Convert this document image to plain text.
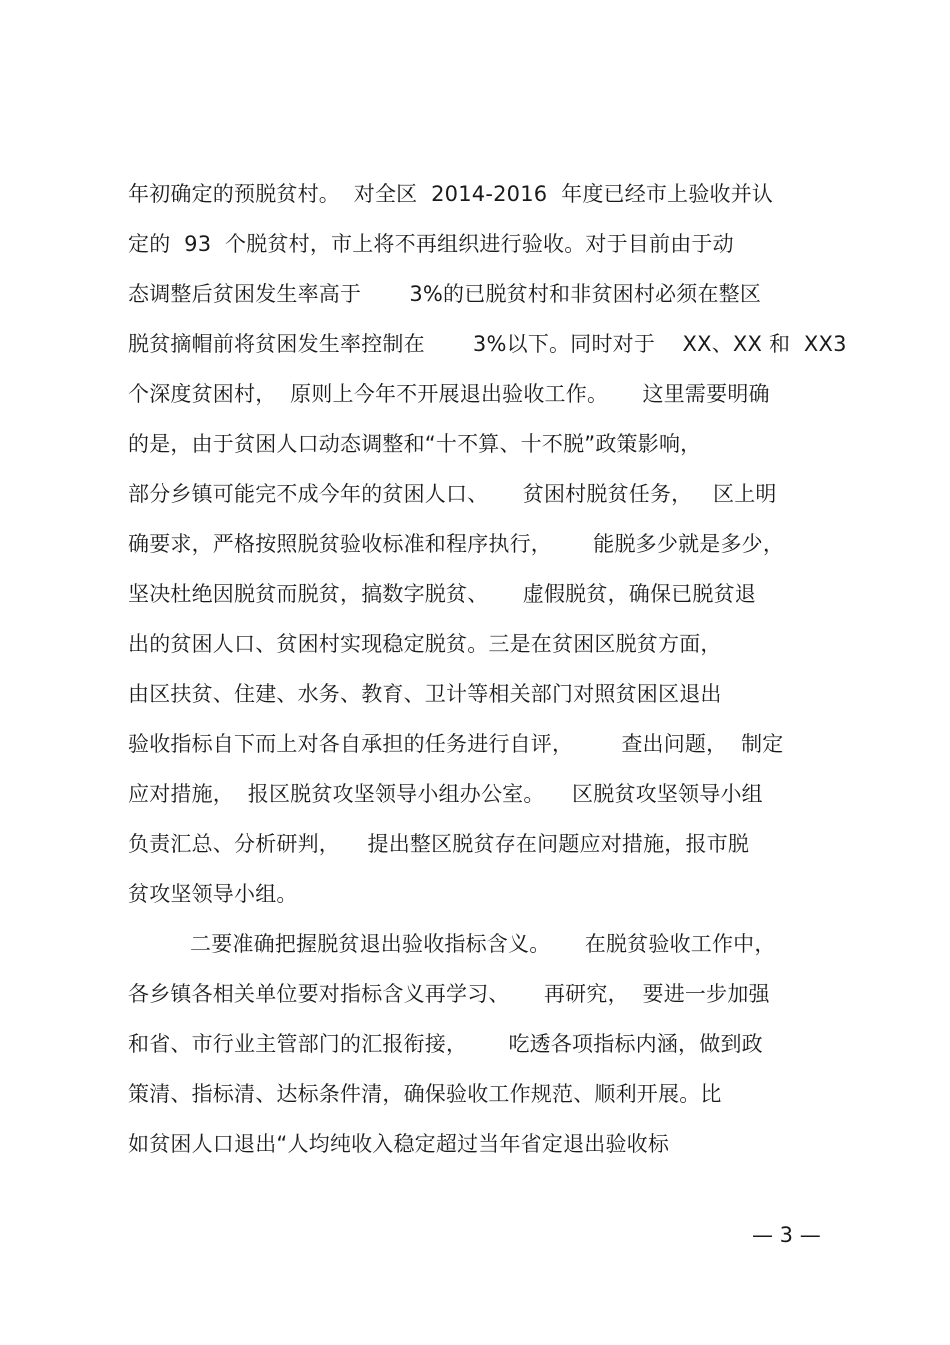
年初确定的预脱贫村。  对全区  2014-2016  年度已经市上验收并认
定的  93  个脱贫村，市上将不再组织进行验收。对于目前由于动
态调整后贫困发生率高于       3%的已脱贫村和非贫困村必须在整区
脱贫摘帽前将贫困发生率控制在       3%以下。同时对于    XX、XX 和  XX3
个深度贫困村，  原则上今年不开展退出验收工作。     这里需要明确
的是，由于贫困人口动态调整和“十不算、十不脱”政策影响，
部分乡镇可能完不成今年的贫困人口、     贫困村脱贫任务，   区上明
确要求，严格按照脱贫验收标准和程序执行，      能脱多少就是多少，
坚决杜绝因脱贫而脱贫，搞数字脱贫、     虚假脱贫，确保已脱贫退
出的贫困人口、贫困村实现稳定脱贫。三是在贫困区脱贫方面，
由区扶贫、住建、水务、教育、卫计等相关部门对照贫困区退出
验收指标自下而上对各自承担的任务进行自评，       查出问题，  制定
应对措施，  报区脱贫攻坚领导小组办公室。    区脱贫攻坚领导小组
负责汇总、分析研判，    提出整区脱贫存在问题应对措施，报市脱
贫攻坚领导小组。
二要准确把握脱贫退出验收指标含义。     在脱贫验收工作中，
各乡镇各相关单位要对指标含义再学习、     再研究，  要进一步加强
和省、市行业主管部门的汇报衔接，      吃透各项指标内涵，做到政
策清、指标清、达标条件清，确保验收工作规范、顺利开展。比
如贫困人口退出“人均纯收入稳定超过当年省定退出验收标
— 3 —
